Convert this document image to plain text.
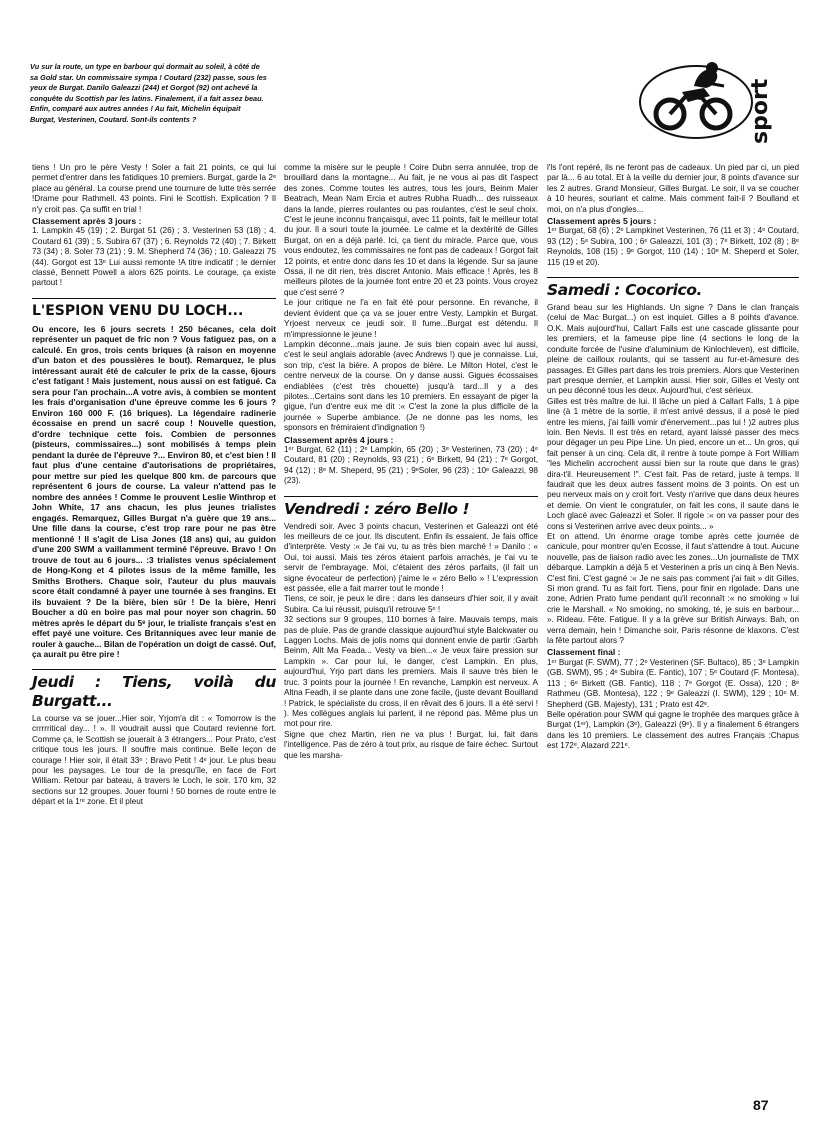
Vu sur la route, un type en barbour qui dormait au soleil, à côté de sa Gold star. Un commissaire sympa ! Coutard (232) passe, sous les yeux de Burgat. Danilo Galeazzi (244) et Gorgot (92) ont achevé la conquête du Scottish par les latins. Finalement, il a fait assez beau. Enfin, comparé aux autres années ! Au fait, Michelin équipait Burgat, Vesterinen, Coutard. Sont-ils contents ?	sport

tiens ! Un pro le père Vesty ! Soler a fait 21 points, ce qui lui permet d'entrer dans les fatidiques 10 premiers. Burgat, garde la 2ᵉ place au général. La course prend une tournure de lutte très serrée !Drame pour Rathmell. 43 points. Fini le Scottish. Explication ? Il n'y croit pas. Ça suffit en trial !

Classement après 3 jours :

1. Lampkin 45 (19) ; 2. Burgat 51 (26) ; 3. Vesterinen 53 (18) ; 4. Coutard 61 (39) ; 5. Subira 67 (37) ; 6. Reynolds 72 (40) ; 7. Birkett 73 (34) ; 8. Soler 73 (21) ; 9. M. Shepherd 74 (36) ; 10. Galeazzi 75 (44). Gorgot est 13ᵉ Lui aussi remonte !A titre indicatif ; le dernier classé, Bennett Powell a alors 625 points. Le courage, ça existe partout !

L'ESPION VENU DU LOCH...

Ou encore, les 6 jours secrets ! 250 bécanes, cela doit représenter un paquet de fric non ? Vous fatiguez pas, on a calculé. En gros, trois cents briques (à raison en moyenne d'un baton et des poussières le bout). Remarquez, le plus intéressant aurait été de calculer le prix de la casse, 6jours c'est fatigant ! Mais justement, nous aussi on est fatigué. Ca sera pour l'an prochain...A votre avis, à combien se montent les frais d'organisation d'une épreuve comme les 6 jours ? Environ 160 000 F. (16 briques). La légendaire radinerie écossaise en prend un sacré coup ! Nouvelle question, d'ordre technique cette fois. Combien de personnes (pisteurs, commissaires...) sont mobilisés à temps plein pendant la durée de l'épreuve ?... Environ 80, et c'est bien ! Il faut plus d'une centaine d'autorisations de propriétaires, pour mettre sur pied les quelque 800 km. de parcours que représentent 6 jours de course. La valeur n'attend pas le nombre des années ! Comme le prouvent Leslie Winthrop et John White, 17 ans chacun, les plus jeunes trialistes engagés. Remarquez, Gilles Burgat n'a guère que 19 ans... Une fille dans la course, c'est trop rare pour ne pas être mentionné ! Il s'agit de Lisa Jones (18 ans) qui, au guidon d'une 200 SWM a vaillamment terminé l'épreuve. Bravo ! On trouve de tout au 6 jours... :3 trialistes venus spécialement de Hong-Kong et 4 pilotes issus de la même famille, les Smiths Brothers. Chaque soir, l'auteur du plus mauvais score était condamné à payer une tournée à ses frangins. Et ils buvaient ? De la bière, bien sûr ! De la bière, Henri Boucher a dû en boire pas mal pour noyer son chagrin. 50 mètres après le départ du 5ᵉ jour, le trialiste français s'est en effet payé une voiture. Ces Britanniques avec leur manie de rouler à gauche... Bilan de l'opération un doigt de cassé. Ouf, ça aurait pu être pire !

Jeudi : Tiens, voilà du Burgatt...

La course va se jouer...Hier soir, Yrjom'a dit : « Tomorrow is the crrrrritical day... ! ». Il voudrait aussi que Coutard revienne fort. Comme ça, le Scottish se jouerait à 3 étrangers... Pour Prato, c'est critique tous les jours. Il souffre mais continue. Belle leçon de courage ! Hier soir, il était 33ᵉ ; Bravo Petit ! 4ᵉ jour. Le plus beau pour les paysages. Le tour de la presqu'île, en face de Fort William. Retour par bateau, à travers le Loch, le soir. 170 km, 32 sections sur 12 groupes. Jouer fourni ! 50 bornes de route entre le départ et la 1ʳᵉ zone. Et il pleut

comme la misère sur le peuple ! Coire Dubn serra annulée, trop de brouillard dans la montagne... Au fait, je ne vous ai pas dit l'aspect des zones. Comme toutes les autres, tous les jours, Beinm Maier Beatrach, Mean Nam Ercia et autres Rubha Ruadh... des ruisseaux dans la lande, pierres roulantes ou pas roulantes, c'est le seul choix. C'est le jeune inconnu françaisqui, avec 11 points, fait le meilleur total du jour. Il a souri toute la journée. Le calme et la dextérité de Gilles Burgat, on en a déjà parlé. Ici, ça tient du miracle. Parce que, vous vous endoutez, les commissaires ne font pas de cadeaux ! Gorgot fait 12 points, et entre donc dans les 10 et dans la légende. Sur sa jaune Ossa, il ne dit rien, très discret Antonio. Mais efficace ! Après, les 8 meilleurs pilotes de la journée font entre 20 et 23 points. Vous croyez que c'est serré ?

Le jour critique ne l'a en fait été pour personne. En revanche, il devient évident que ça va se jouer entre Vesty, Lampkin et Burgat. Yrjoest nerveux ce jeudi soir. Il fume...Burgat est détendu. Il m'impressionne le jeune !

Lampkin déconne...mais jaune. Je suis bien copain avec lui aussi, c'est le seul anglais adorable (avec Andrews !) que je connaisse. Lui, son trip, c'est la bière. A propos de bière. Le Milton Hotel, c'est le centre nerveux de la course. On y danse aussi. Gigues écossaises endiablées (c'est très chouette) jusqu'à tard...Il y a des pilotes...Certains sont dans les 10 premiers. En essayant de piger la gigue, l'un d'entre eux me dit :« C'est la zone la plus difficile de la journée » Superbe ambiance. (Je ne donne pas les noms, les sponsors en frémiraient d'indignation !)

Classement après 4 jours :

1ᵉʳ Burgat, 62 (11) ; 2ᵉ Lampkin, 65 (20) ; 3ᵉ Vesterinen, 73 (20) ; 4ᵉ Coutard, 81 (20) ; Reynolds, 93 (21) ; 6ᵉ Birkett, 94 (21) ; 7ᵉ Gorgot, 94 (12) ; 8ᵉ M. Sheperd, 95 (21) ; 9ᵉSoler, 96 (23) ; 10ᵉ Galeazzi, 98 (23).

Vendredi : zéro Bello !

Vendredi soir. Avec 3 points chacun, Vesterinen et Galeazzi ont été les meilleurs de ce jour. Ils discutent. Enfin ils essaient. Je fais office d'interprète. Vesty :« Je t'ai vu, tu as très bien marché ! » Danilo : « Oui, toi aussi. Mais tes zéros étaient parfois arrachés, je t'ai vu te servir de l'embrayage. Moi, c'étaient des zéros parfaits, (il fait un signe évocateur de perfection) j'aime le « zéro Bello » ! L'expression est passée, elle a fait marrer tout le monde !

Tiens, ce soir, je peux le dire : dans les danseurs d'hier soir, il y avait Subira. Ca lui réussit, puisqu'il retrouve 5ᵉ !

32 sections sur 9 groupes, 110 bornes à faire. Mauvais temps, mais pas de pluie. Pas de grande classique aujourd'hui style Balckwater ou Laggen Lochs. Mais de jolis noms qui donnent envie de partir :Garbh Beinm, Allt Ma Feada... Vesty va bien...« Je veux faire pression sur Lampkin ». Car pour lui, le danger, c'est Lampkin. En plus, aujourd'hui, Yrjo part dans les premiers. Mais il sauve très bien le truc. 3 points pour la journée ! En revanche, Lampkin est nerveux. A Altna Feadh, il se plante dans une zone facile, (juste devant Bouilland ! Patrick, le spécialiste du cross, il en rêvait des 6 jours. Il a été servi ! ). Mes collègues anglais lui parlent, il ne répond pas. Même plus un mot pour rire.

Signe que chez Martin, rien ne va plus ! Burgat, lui, fait dans l'intelligence. Pas de zéro à tout prix, au risque de faire échec. Surtout que les marsha-

l'ls l'ont repéré, ils ne feront pas de cadeaux. Un pied par ci, un pied par là... 6 au total. Et à la veille du dernier jour, 8 points d'avance sur les 2 autres. Grand Monsieur, Gilles Burgat. Le soir, il va se coucher à 10 heures, souriant et calme. Mais comment fait-il ? Boulland et moi, on n'a plus d'ongles...

Classement après 5 jours :

1ᵉʳ Burgat, 68 (6) ; 2ᵉ Lampkinet Vesterinen, 76 (11 et 3) ; 4ᵉ Coutard, 93 (12) ; 5ᵉ Subira, 100 ; 6ᵉ Galeazzi, 101 (3) ; 7ᵉ Birkett, 102 (8) ; 8ᵉ Reynolds, 108 (15) ; 9ᵉ Gorgot, 110 (14) ; 10ᵉ M. Sheperd et Soler, 115 (19 et 20).

Samedi : Cocorico.

Grand beau sur les Highlands. Un signe ? Dans le clan français (celui de Mac Burgat...) on est inquiet. Gilles a 8 poihts d'avance. O.K. Mais aujourd'hui, Callart Falls est une cascade glissante pour les premiers, et la fameuse pipe line (4 sections le long de la conduite forcée de l'usine d'aluminium de Kinlochleven), est difficile, pleine de cailloux roulants, qui se tassent au fur-et-âmesure des passages. Et Gilles part dans les trois premiers. Alors que Vesterinen part presque dernier, et Lampkin aussi. Hier soir, Gilles et Vesty ont un peu déconné tous les deux. Aujourd'hui, c'est sérieux.

Gilles est très maître de lui. Il lâche un pied à Callart Falls, 1 à pipe line (à 1 mètre de la sortie, il m'est arrivé dessus, il a posé le pied entre les miens, j'ai failli vomir d'énervement...pas lui ! )2 autres plus loin. Ben Nevis. Il est très en retard, ayant laissé passer des mecs pour dégager un peu Pipe Line. Un pied, encore un et... Un gros, qui fait penser à un cinq. Cela dit, il rentre à toute pompe à Fort William ''les Michelin accrochent aussi bien sur la route que dans le gras) dira-t'il. Heureusement !''. C'est fait. Pas de retard, juste à temps. Il faudrait que les deux autres fassent moins de 3 points. On est un peu nerveux mais on y croit fort. Vesty n'arrive que dans deux heures et demie. On vient le congratuler, on fait les cons, il saute dans le Loch glacé avec Galeazzi et Soler. Il rigole :« on va passer pour des cons si Vesterinen arrive avec deux points... »

Et on attend. Un énorme orage tombe après cette journée de canicule, pour montrer qu'en Ecosse, il faut s'attendre à tout. Aucune nouvelle, pas de liaison radio avec les zones...Un journaliste de TMX débarque. Lampkin a déjà 5 et Vesterinen a pris un cinq à Ben Nevis. C'est fini. C'est gagné :« Je ne sais pas comment j'ai fait » dit Gilles. Si mon grand. Tu as fait fort. Tiens, pour finir en rigolade. Dans une zone, Adrien Prato fume pendant qu'il reconnaît :« no smoking » lui crie le Marshall. « No smoking, no smoking, té, je suis en barbour... ». Rideau. Fête. Fatigue. Il y a la grève sur British Airways. Bah, on verra demain, hein ! Dimanche soir, Paris résonne de klaxons. C'est la fête partout alors ?

Classement final :

1ᵉʳ Burgat (F. SWM), 77 ; 2ᵉ Vesterinen (SF. Bultaco), 85 ; 3ᵉ Lampkin (GB. SWM), 95 ; 4ᵉ Subira (E. Fantic), 107 ; 5ᵉ Coutard (F. Montesa), 113 ; 6ᵉ Birkett (GB. Fantic), 118 ; 7ᵉ Gorgot (E. Ossa), 120 ; 8ᵉ Rathmeu (GB. Montesa), 122 ; 9ᵉ Galeazzi (I. SWM), 129 ; 10ᵉ M. Shepherd (GB. Majesty), 131 ; Prato est 42ᵉ.

Belle opération pour SWM qui gagne le trophée des marques grâce à Burgat (1ᵉʳ), Lampkin (3ᵉ), Galeazzi (9ᵉ). Il y a finalement 6 étrangers dans les 10 premiers. Le classement des autres Français :Chapus est 172ᵉ, Alazard 221ᵉ.

87
